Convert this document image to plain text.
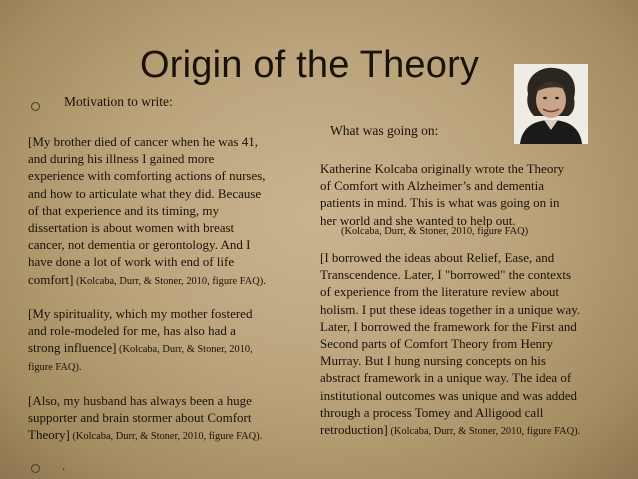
Origin of the Theory
Motivation to write:
[My brother died of cancer when he was 41,
and during his illness I gained more
experience with comforting actions of nurses,
and how to articulate what they did. Because
of that experience and its timing, my
dissertation is about women with breast
cancer, not dementia or gerontology. And I
have done a lot of work with end of life
comfort] (Kolcaba, Durr, & Stoner, 2010, figure FAQ).
[My spirituality, which my mother fostered
and role-modeled for me, has also had a
strong influence] (Kolcaba, Durr, & Stoner, 2010,
figure FAQ).
[Also, my husband has always been a huge
supporter and brain stormer about Comfort
Theory] (Kolcaba, Durr, & Stoner, 2010, figure FAQ).
.
What was going on:
Katherine Kolcaba originally wrote the Theory
of Comfort with Alzheimer’s and dementia
patients in mind. This is what was going on in
her world and she wanted to help out.
(Kolcaba, Durr, & Stoner, 2010, figure FAQ)
[I borrowed the ideas about Relief, Ease, and
Transcendence. Later, I "borrowed" the contexts
of experience from the literature review about
holism. I put these ideas together in a unique way.
Later, I borrowed the framework for the First and
Second parts of Comfort Theory from Henry
Murray. But I hung nursing concepts on his
abstract framework in a unique way. The idea of
institutional outcomes was unique and was added
through a process Tomey and Alligood call
retroduction] (Kolcaba, Durr, & Stoner, 2010, figure FAQ).
